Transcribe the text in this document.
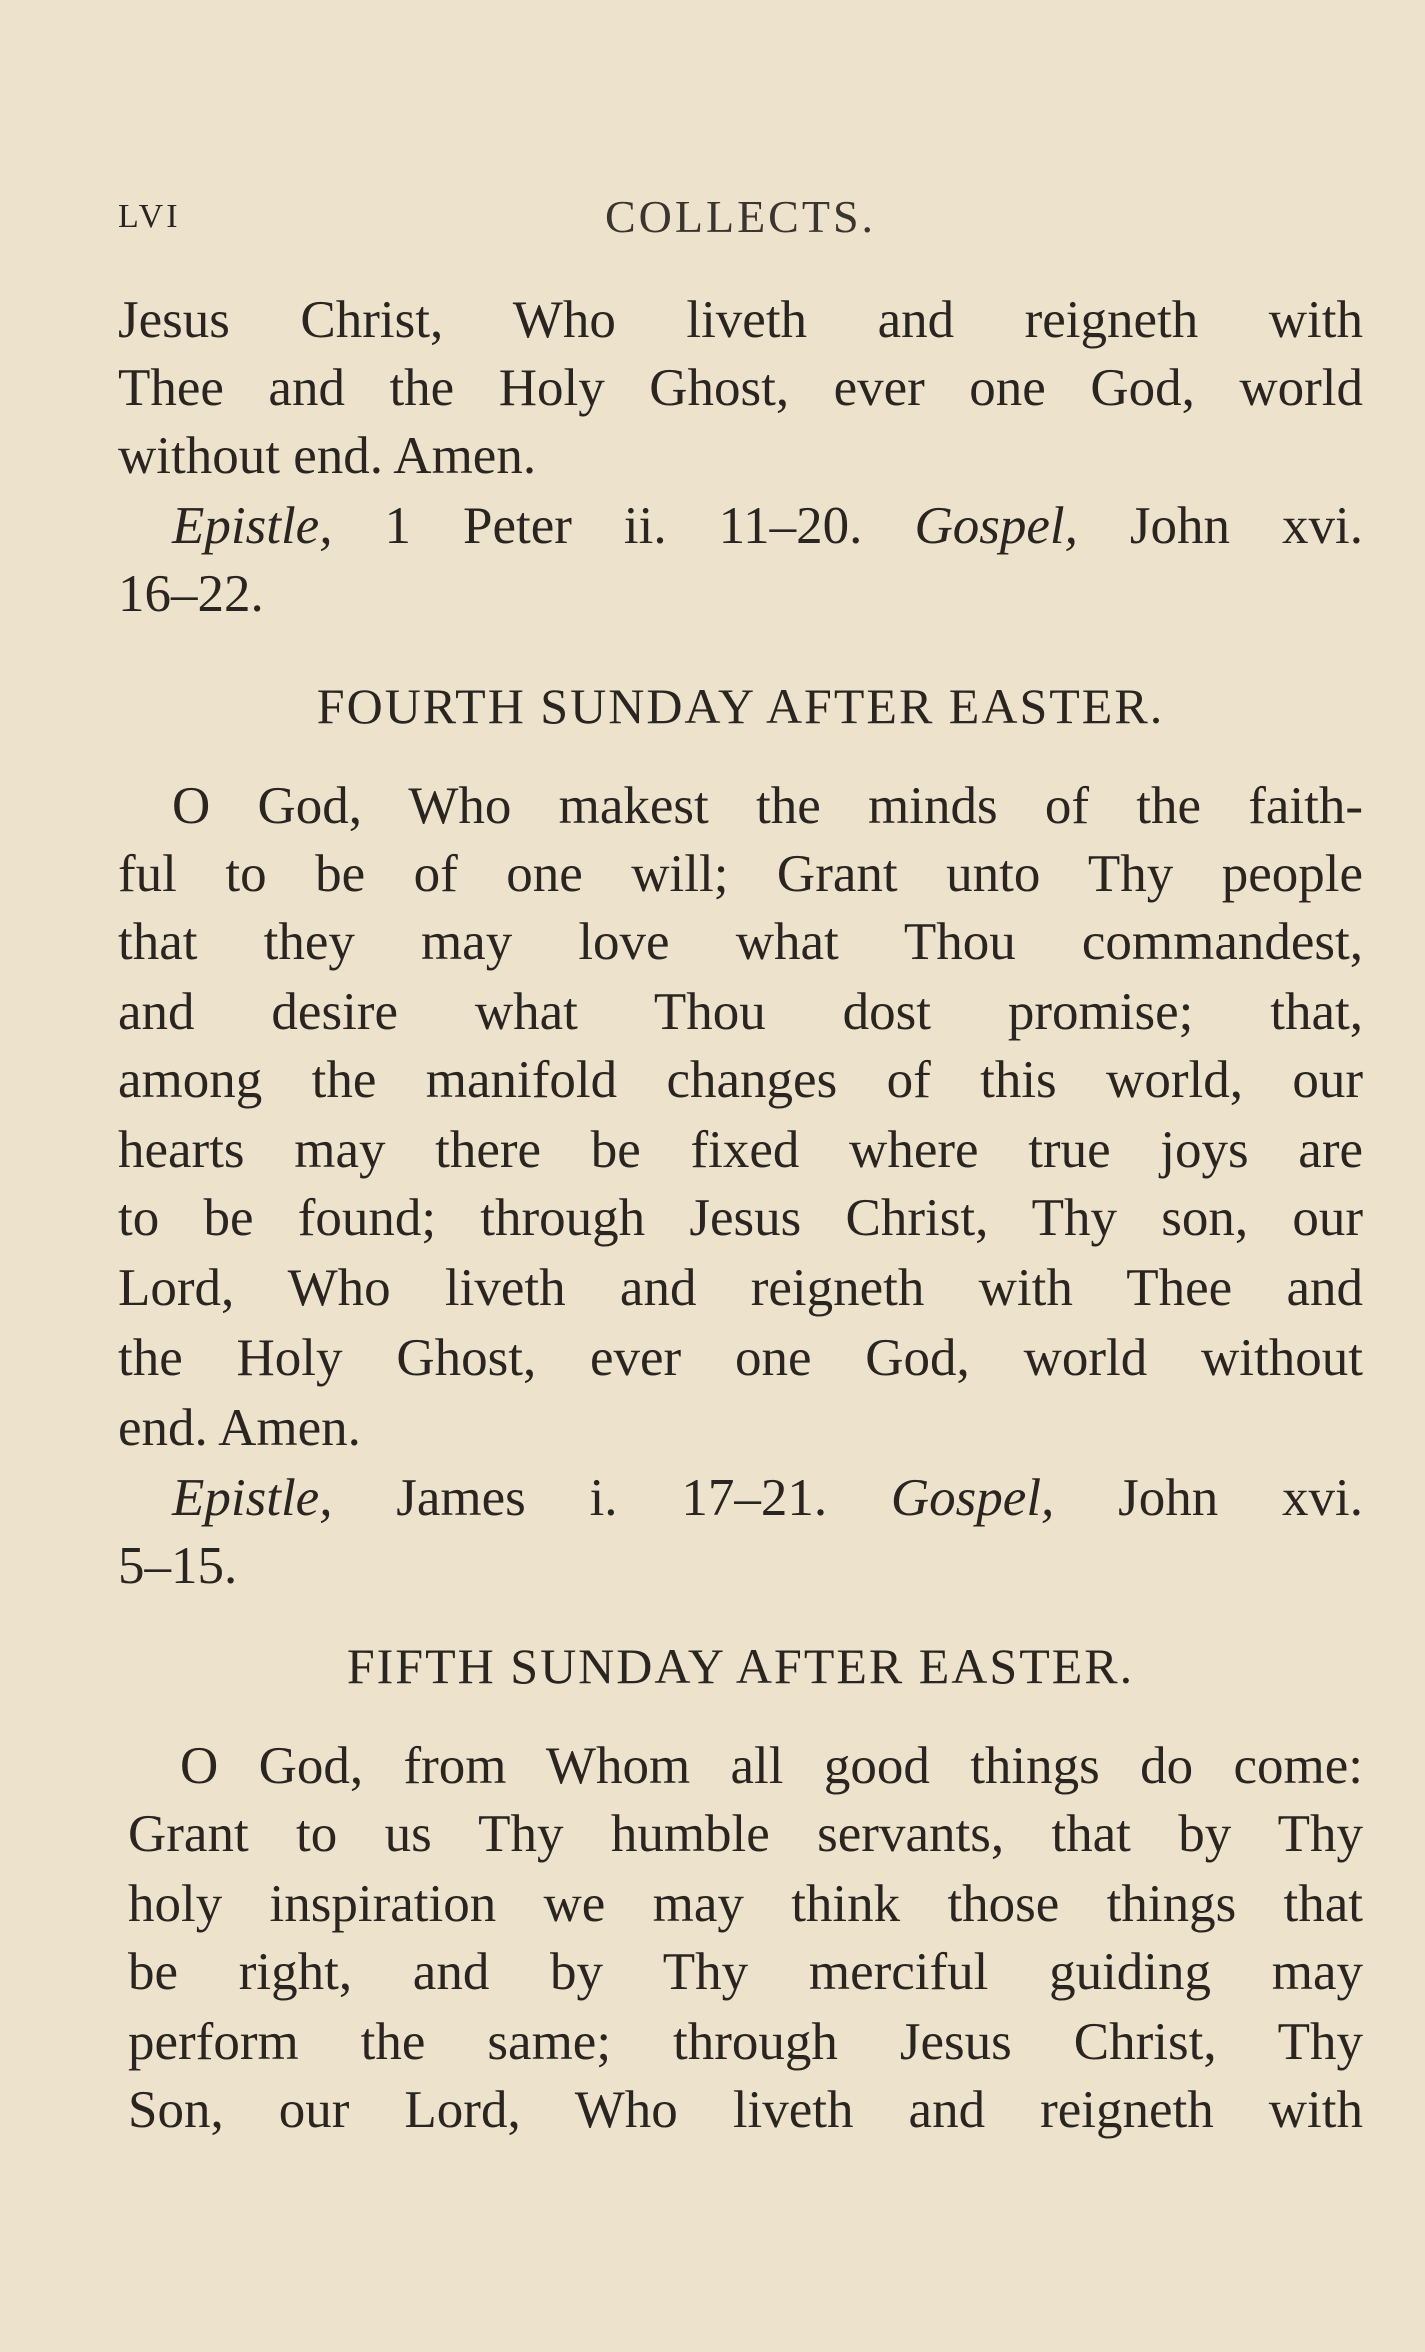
LVI	COLLECTS.
Jesus Christ, Who liveth and reigneth with
Thee and the Holy Ghost, ever one God, world
without end. Amen.
Epistle, 1 Peter ii. 11–20. Gospel, John xvi.
16–22.
FOURTH SUNDAY AFTER EASTER.
O God, Who makest the minds of the faith-
ful to be of one will; Grant unto Thy people
that they may love what Thou commandest,
and desire what Thou dost promise; that,
among the manifold changes of this world, our
hearts may there be fixed where true joys are
to be found; through Jesus Christ, Thy son, our
Lord, Who liveth and reigneth with Thee and
the Holy Ghost, ever one God, world without
end. Amen.
Epistle, James i. 17–21. Gospel, John xvi.
5–15.
FIFTH SUNDAY AFTER EASTER.
O God, from Whom all good things do come:
Grant to us Thy humble servants, that by Thy
holy inspiration we may think those things that
be right, and by Thy merciful guiding may
perform the same; through Jesus Christ, Thy
Son, our Lord, Who liveth and reigneth with
